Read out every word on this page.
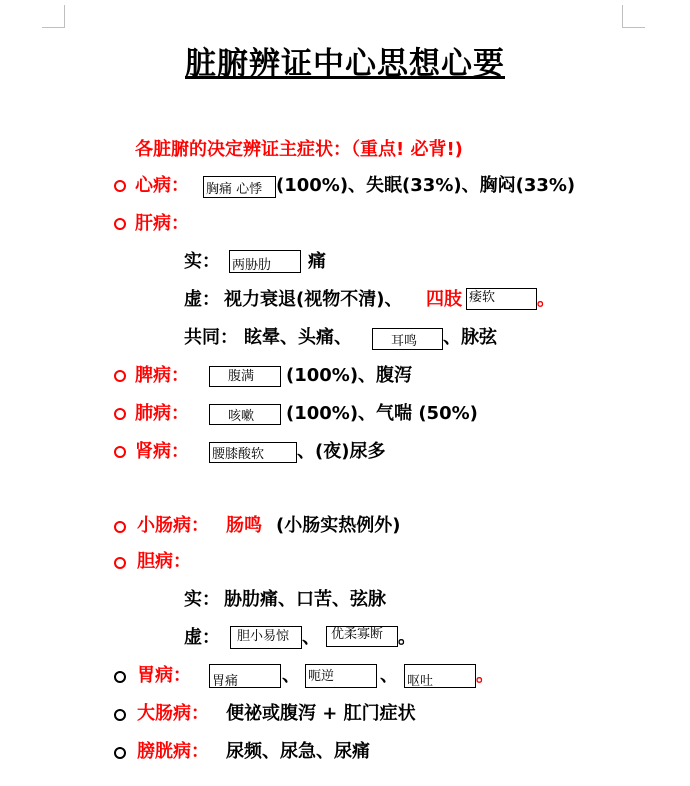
脏腑辨证中心思想心要
各脏腑的决定辨证主症状：（重点! 必背!)
心病： 胸痛 心悸 (100%)、失眠(33%)、胸闷(33%)
肝病：
实： 两胁肋	痛
虚： 视力衰退(视物不清)、 四肢 痿软	。
共同： 眩晕、头痛、	耳鸣	、脉弦
脾病：	腹满	(100%)、腹泻
肺病：	咳嗽	(100%)、气喘 (50%)
肾病： 腰膝酸软	、(夜)尿多
小肠病： 肠鸣 (小肠实热例外)
胆病：
实： 胁肋痛、口苦、弦脉
虚：	胆小易惊 、 优柔寡断 。
胃病： 胃痛	、 呃逆	、 呕吐	。
大肠病： 便祕或腹泻 + 肛门症状
膀胱病： 尿频、尿急、尿痛
